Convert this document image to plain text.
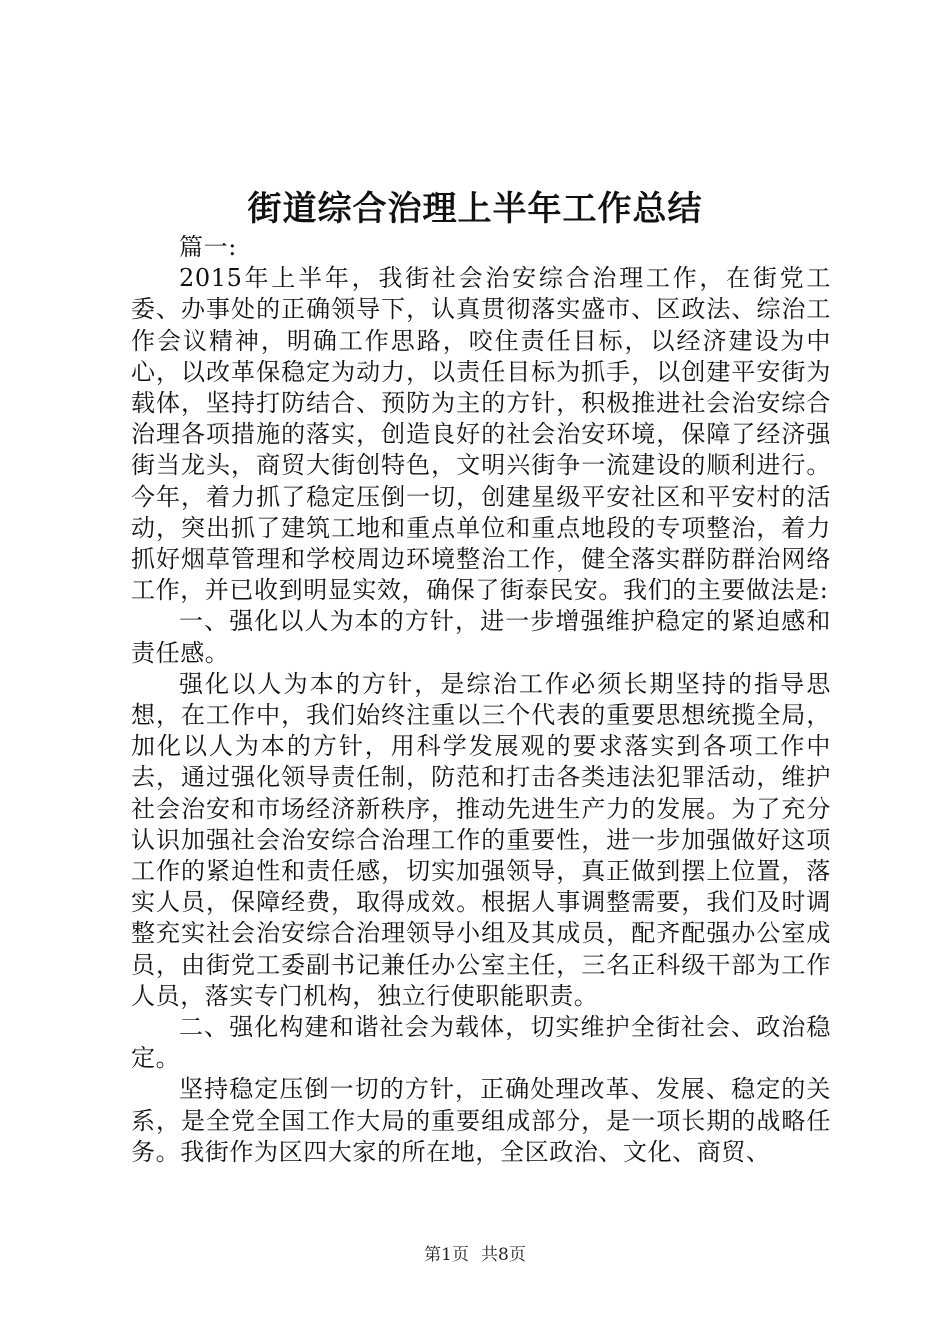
街道综合治理上半年工作总结

篇一:

2015年上半年，我街社会治安综合治理工作，在街党工委、办事处的正确领导下，认真贯彻落实盛市、区政法、综治工作会议精神，明确工作思路，咬住责任目标，以经济建设为中心，以改革保稳定为动力，以责任目标为抓手，以创建平安街为载体，坚持打防结合、预防为主的方针，积极推进社会治安综合治理各项措施的落实，创造良好的社会治安环境，保障了经济强街当龙头，商贸大街创特色，文明兴街争一流建设的顺利进行。今年，着力抓了稳定压倒一切，创建星级平安社区和平安村的活动，突出抓了建筑工地和重点单位和重点地段的专项整治，着力抓好烟草管理和学校周边环境整治工作，健全落实群防群治网络工作，并已收到明显实效，确保了街泰民安。我们的主要做法是:

一、强化以人为本的方针，进一步增强维护稳定的紧迫感和责任感。

强化以人为本的方针，是综治工作必须长期坚持的指导思想，在工作中，我们始终注重以三个代表的重要思想统揽全局，加化以人为本的方针，用科学发展观的要求落实到各项工作中去，通过强化领导责任制，防范和打击各类违法犯罪活动，维护社会治安和市场经济新秩序，推动先进生产力的发展。为了充分认识加强社会治安综合治理工作的重要性，进一步加强做好这项工作的紧迫性和责任感，切实加强领导，真正做到摆上位置，落实人员，保障经费，取得成效。根据人事调整需要，我们及时调整充实社会治安综合治理领导小组及其成员，配齐配强办公室成员，由街党工委副书记兼任办公室主任，三名正科级干部为工作人员，落实专门机构，独立行使职能职责。

二、强化构建和谐社会为载体，切实维护全街社会、政治稳定。

坚持稳定压倒一切的方针，正确处理改革、发展、稳定的关系，是全党全国工作大局的重要组成部分，是一项长期的战略任务。我街作为区四大家的所在地，全区政治、文化、商贸、

第1页 共8页
